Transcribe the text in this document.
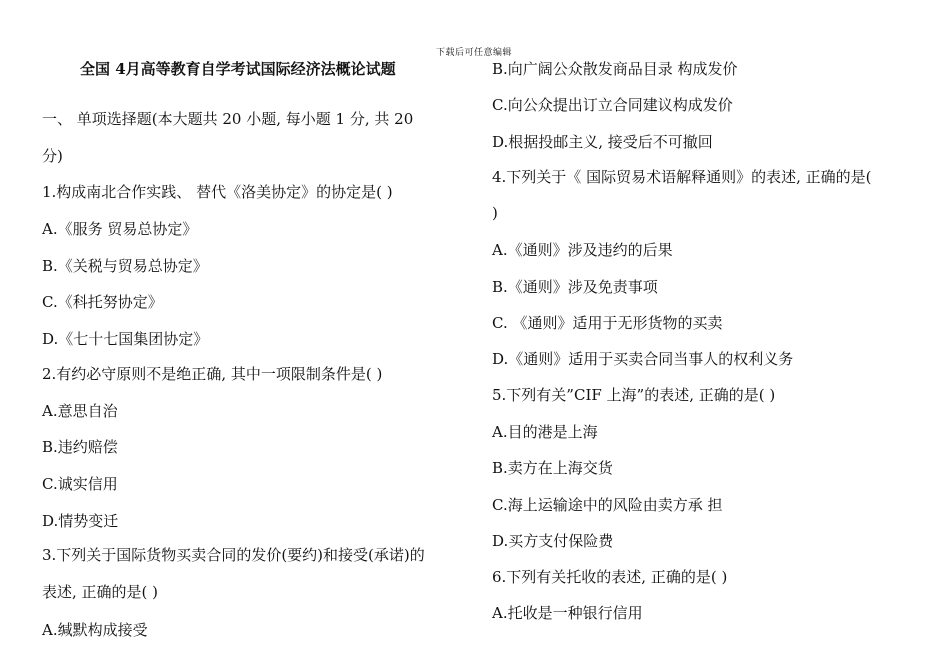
下载后可任意编辑
全国 4月高等教育自学考试国际经济法概论试题
一、 单项选择题(本大题共 20 小题, 每小题 1 分, 共 20
分)
1.构成南北合作实践、 替代《洛美协定》的协定是( )
A.《服务 贸易总协定》
B.《关税与贸易总协定》
C.《科托努协定》
D.《七十七国集团协定》
2.有约必守原则不是绝正确, 其中一项限制条件是( )
A.意思自治
B.违约赔偿
C.诚实信用
D.情势变迁
3.下列关于国际货物买卖合同的发价(要约)和接受(承诺)的
表述, 正确的是( )
A.缄默构成接受
B.向广阔公众散发商品目录 构成发价
C.向公众提出订立合同建议构成发价
D.根据投邮主义, 接受后不可撤回
4.下列关于《 国际贸易术语解释通则》的表述, 正确的是(
)
A.《通则》涉及违约的后果
B.《通则》涉及免责事项
C. 《通则》适用于无形货物的买卖
D.《通则》适用于买卖合同当事人的权利义务
5.下列有关”CIF 上海”的表述, 正确的是( )
A.目的港是上海
B.卖方在上海交货
C.海上运输途中的风险由卖方承 担
D.买方支付保险费
6.下列有关托收的表述, 正确的是( )
A.托收是一种银行信用
